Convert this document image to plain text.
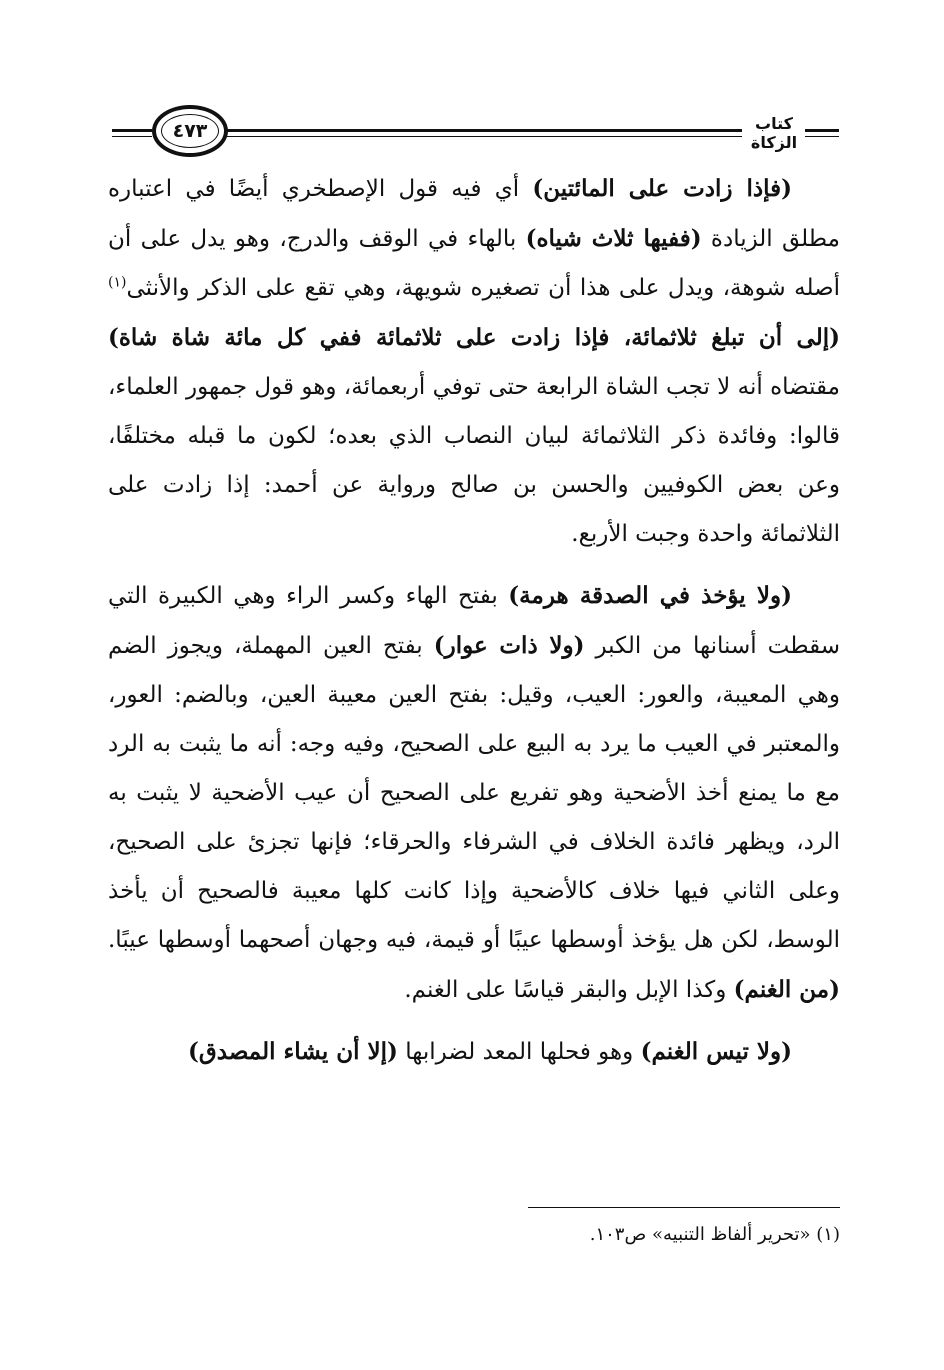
كتاب الزكاة
٤٧٣

(فإذا زادت على المائتين) أي فيه قول الإصطخري أيضًا في اعتباره مطلق الزيادة (ففيها ثلاث شياه) بالهاء في الوقف والدرج، وهو يدل على أن أصله شوهة، ويدل على هذا أن تصغيره شويهة، وهي تقع على الذكر والأنثى$^{(١)}$ (إلى أن تبلغ ثلاثمائة، فإذا زادت على ثلاثمائة ففي كل مائة شاة شاة) مقتضاه أنه لا تجب الشاة الرابعة حتى توفي أربعمائة، وهو قول جمهور العلماء، قالوا: وفائدة ذكر الثلاثمائة لبيان النصاب الذي بعده؛ لكون ما قبله مختلفًا، وعن بعض الكوفيين والحسن بن صالح ورواية عن أحمد: إذا زادت على الثلاثمائة واحدة وجبت الأربع.

(ولا يؤخذ في الصدقة هرمة) بفتح الهاء وكسر الراء وهي الكبيرة التي سقطت أسنانها من الكبر (ولا ذات عوار) بفتح العين المهملة، ويجوز الضم وهي المعيبة، والعور: العيب، وقيل: بفتح العين معيبة العين، وبالضم: العور، والمعتبر في العيب ما يرد به البيع على الصحيح، وفيه وجه: أنه ما يثبت به الرد مع ما يمنع أخذ الأضحية وهو تفريع على الصحيح أن عيب الأضحية لا يثبت به الرد، ويظهر فائدة الخلاف في الشرفاء والحرقاء؛ فإنها تجزئ على الصحيح، وعلى الثاني فيها خلاف كالأضحية وإذا كانت كلها معيبة فالصحيح أن يأخذ الوسط، لكن هل يؤخذ أوسطها عيبًا أو قيمة، فيه وجهان أصحهما أوسطها عيبًا. (من الغنم) وكذا الإبل والبقر قياسًا على الغنم.

(ولا تيس الغنم) وهو فحلها المعد لضرابها (إلا أن يشاء المصدق)

(١) «تحرير ألفاظ التنبيه» ص١٠٣.
